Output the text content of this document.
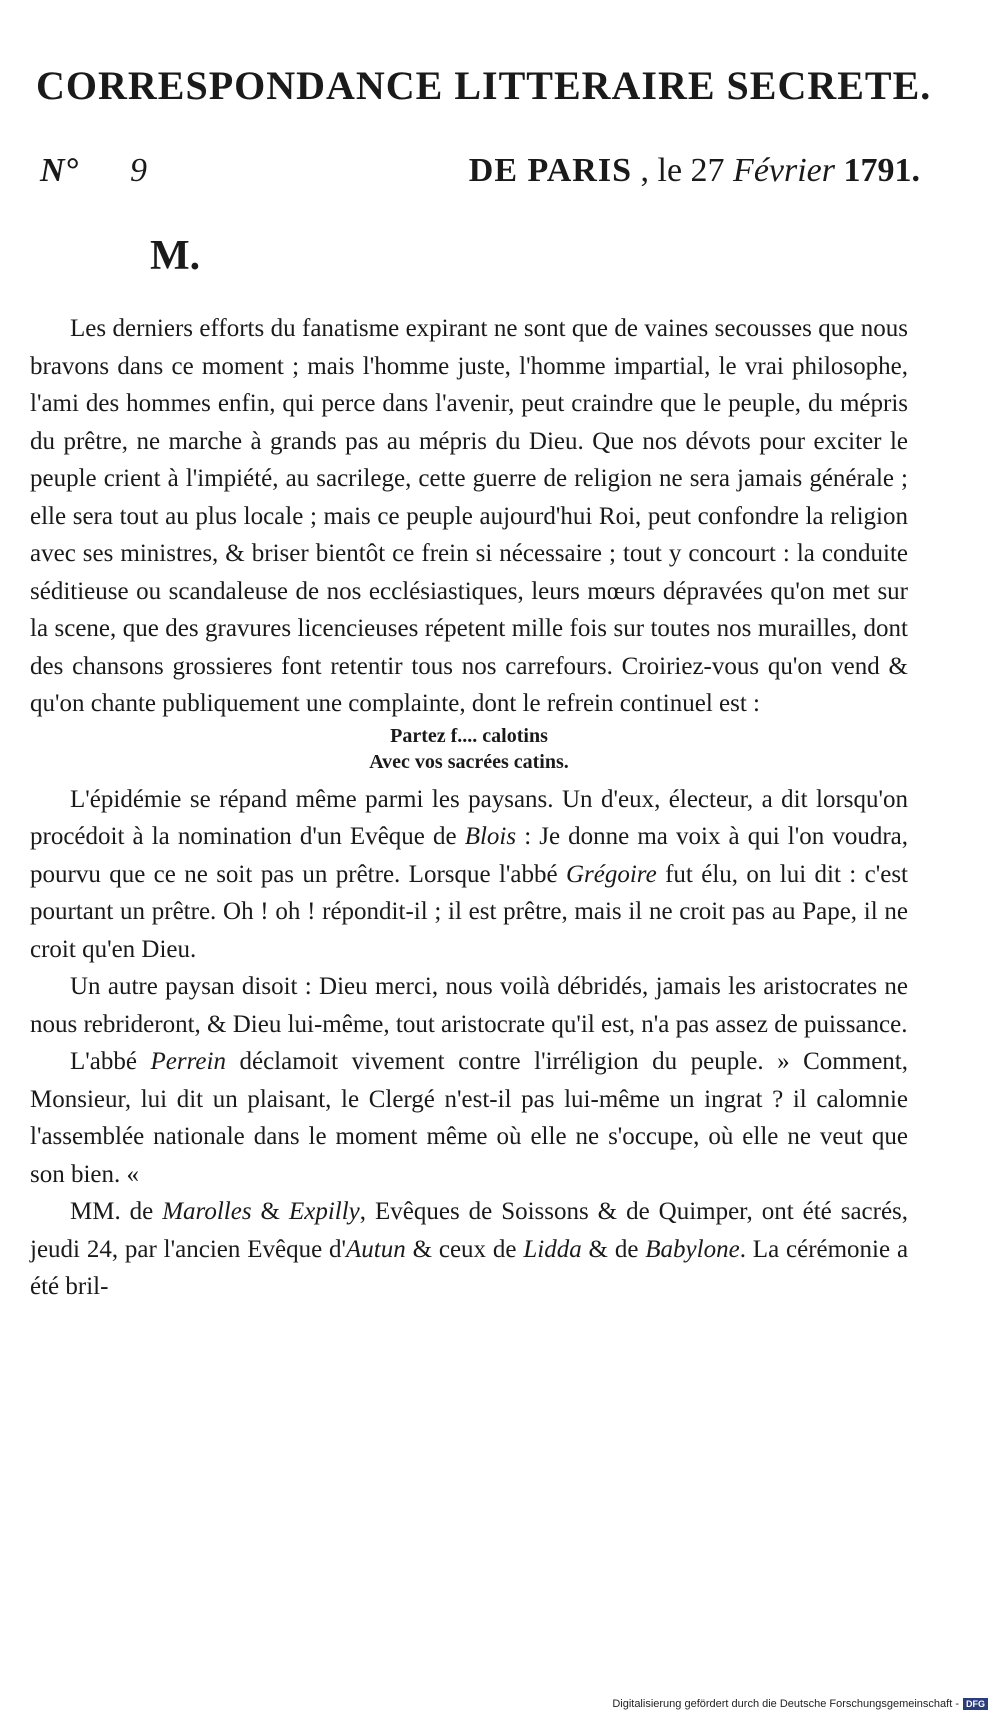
CORRESPONDANCE LITTERAIRE SECRETE.
N° 9	DE PARIS , le 27 Février 1791.
M.

Les derniers efforts du fanatisme expirant ne sont que de vaines secousses que nous bravons dans ce moment ; mais l'homme juste, l'homme impartial, le vrai philosophe, l'ami des hommes enfin, qui perce dans l'avenir, peut craindre que le peuple, du mépris du prêtre, ne marche à grands pas au mépris du Dieu. Que nos dévots pour exciter le peuple crient à l'impiété, au sacrilege, cette guerre de religion ne sera jamais générale ; elle sera tout au plus locale ; mais ce peuple aujourd'hui Roi, peut confondre la religion avec ses ministres, & briser bientôt ce frein si nécessaire ; tout y concourt : la conduite séditieuse ou scandaleuse de nos ecclésiastiques, leurs mœurs dépravées qu'on met sur la scene, que des gravures licencieuses répetent mille fois sur toutes nos murailles, dont des chansons grossieres font retentir tous nos carrefours. Croiriez-vous qu'on vend & qu'on chante publiquement une complainte, dont le refrein continuel est :

Partez f.... calotins
Avec vos sacrées catins.

L'épidémie se répand même parmi les paysans. Un d'eux, électeur, a dit lorsqu'on procédoit à la nomination d'un Evêque de Blois : Je donne ma voix à qui l'on voudra, pourvu que ce ne soit pas un prêtre. Lorsque l'abbé Grégoire fut élu, on lui dit : c'est pourtant un prêtre. Oh ! oh ! répondit-il ; il est prêtre, mais il ne croit pas au Pape, il ne croit qu'en Dieu.

Un autre paysan disoit : Dieu merci, nous voilà débridés, jamais les aristocrates ne nous rebrideront, & Dieu lui-même, tout aristocrate qu'il est, n'a pas assez de puissance.

L'abbé Perrein déclamoit vivement contre l'irréligion du peuple. » Comment, Monsieur, lui dit un plaisant, le Clergé n'est-il pas lui-même un ingrat ? il calomnie l'assemblée nationale dans le moment même où elle ne s'occupe, où elle ne veut que son bien. «

MM. de Marolles & Expilly, Evêques de Soissons & de Quimper, ont été sacrés, jeudi 24, par l'ancien Evêque d'Autun & ceux de Lidda & de Babylone. La cérémonie a été bril-

Digitalisierung gefördert durch die Deutsche Forschungsgemeinschaft - DFG
